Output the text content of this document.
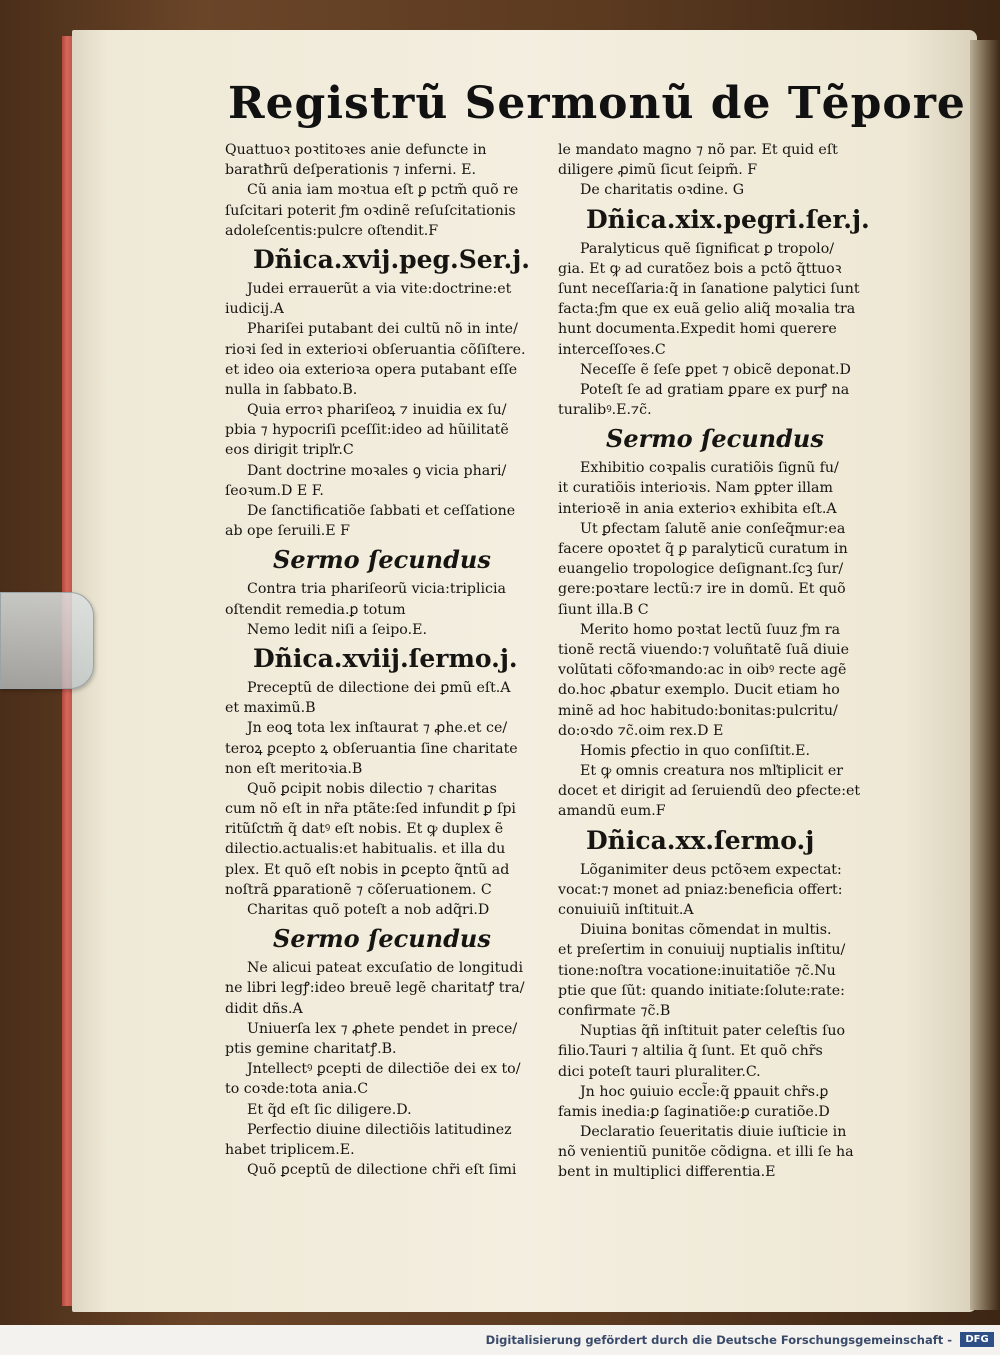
Registrũ Sermonũ de Tẽpore
Quattuoꝛ poꝛtitoꝛes anie defuncte in
baratħrũ deſperationis ⁊ inferni. E.
Cũ ania iam moꝛtua eſt ꝑ pctm̃ quõ re
ſuſcitari poterit ƒm oꝛdinẽ reſuſcitationis
adoleſcentis:pulcre oſtendit.F
Dñica.xvij.peg.Ser.j.
Judei errauerũt a via vite:doctrine:et
iudicij.A
Phariſei putabant dei cultũ nõ in inte/
rioꝛi ſed in exterioꝛi obſeruantia cõſiſtere.
et ideo oia exterioꝛa opera putabant eſſe
nulla in ſabbato.B.
Quia erroꝛ phariſeoꝝ ⁊ inuidia ex ſu/
pbia ⁊ hypocriſi pceſſit:ideo ad hũilitatẽ
eos dirigit tripľr.C
Dant doctrine moꝛales ꝯ vicia phari/
ſeoꝛum.D E F.
De ſanctificatiõe ſabbati et ceſſatione
ab ope ſeruili.E F
Sermo ſecundus
Contra tria phariſeorũ vicia:triplicia
oſtendit remedia.ꝑ totum
Nemo ledit niſi a ſeipo.E.
Dñica.xviij.ſermo.j.
Preceptũ de dilectione dei ꝑmũ eſt.A
et maximũ.B
Jn eoꝗ tota lex inſtaurat ⁊ ꝓhe.et ce/
teroꝝ ꝑcepto ꝝ obſeruantia ſine charitate
non eſt meritoꝛia.B
Quõ ꝑcipit nobis dilectio ⁊ charitas
cum nõ eſt in nr̃a ptãte:ſed infundit ꝑ ſpi
ritũſctm̃ q̃ datꝰ eſt nobis. Et ꝙ duplex ẽ
dilectio.actualis:et habitualis. et illa du
plex. Et quõ eſt nobis in ꝑcepto q̃ntũ ad
noſtrã ꝑparationẽ ⁊ cõſeruationem. C
Charitas quõ poteſt a nob adq̃ri.D
Sermo ſecundus
Ne alicui pateat excuſatio de longitudi
ne libri legꝭ:ideo breuẽ legẽ charitatꝭ tra/
didit dñs.A
Uniuerſa lex ⁊ ꝓhete pendet in prece/
ptis gemine charitatꝭ.B.
Jntellectꝰ ꝑcepti de dilectiõe dei ex to/
to coꝛde:tota ania.C
Et q̃d eſt ſic diligere.D.
Perfectio diuine dilectiõis latitudinez
habet triplicem.E.
Quõ ꝑceptũ de dilectione chr̃i eſt ſimi
le mandato magno ⁊ nõ par. Et quid eſt
diligere ꝓimũ ſicut ſeipm̃. F
De charitatis oꝛdine. G
Dñica.xix.pegri.ſer.j.
Paralyticus quẽ ſignificat ꝑ tropolo/
gia. Et ꝙ ad curatõez bois a pctõ q̃ttuoꝛ
ſunt neceſſaria:q̃ in ſanatione palytici ſunt
facta:ƒm que ex euã gelio aliq̃ moꝛalia tra
hunt documenta.Expedit homi querere
interceſſoꝛes.C
Neceſſe ẽ ſeſe ꝑpet ⁊ obicẽ deponat.D
Poteſt ſe ad gratiam ꝑpare ex purꝭ na
turalibꝰ.E.⁊c̃.
Sermo ſecundus
Exhibitio coꝛpalis curatiõis ſignũ fu/
it curatiõis interioꝛis. Nam ꝑpter illam
interioꝛẽ in ania exterioꝛ exhibita eſt.A
Ut ꝑfectam ſalutẽ anie conſeq̃mur:ea
facere opoꝛtet q̃ ꝑ paralyticũ curatum in
euangelio tropologice deſignant.ſcꝫ ſur/
gere:poꝛtare lectũ:⁊ ire in domũ. Et quõ
ſiunt illa.B C
Merito homo poꝛtat lectũ ſuuz ƒm ra
tionẽ rectã viuendo:⁊ voluñtatẽ ſuã diuie
volũtati cõfoꝛmando:ac in oibꝰ recte agẽ
do.hoc ꝓbatur exemplo. Ducit etiam ho
minẽ ad hoc habitudo:bonitas:pulcritu/
do:oꝛdo ⁊c̃.oim rex.D E
Homis ꝑfectio in quo conſiſtit.E.
Et ꝙ omnis creatura nos mľtiplicit er
docet et dirigit ad ſeruiendũ deo ꝑfecte:et
amandũ eum.F
Dñica.xx.ſermo.j
Lõganimiter deus pctõꝛem expectat:
vocat:⁊ monet ad pniaz:beneficia offert:
conuiuiũ inſtituit.A
Diuina bonitas cõmendat in multis.
et preſertim in conuiuij nuptialis inſtitu/
tione:noſtra vocatione:inuitatiõe ⁊c̃.Nu
ptie que ſũt: quando initiate:ſolute:rate:
confirmate ⁊c̃.B
Nuptias q̃ñ inſtituit pater celeſtis ſuo
filio.Tauri ⁊ altilia q̃ ſunt. Et quõ chr̃s
dici poteſt tauri pluraliter.C.
Jn hoc ꝯuiuio eccl̃e:q̃ ꝑpauit chr̃s.ꝑ
famis inedia:ꝑ ſaginatiõe:ꝑ curatiõe.D
Declaratio ſeueritatis diuie iuſticie in
nõ venientiũ punitõe cõdigna. et illi ſe ha
bent in multiplici differentia.E
Digitalisierung gefördert durch die Deutsche Forschungsgemeinschaft -	DFG
